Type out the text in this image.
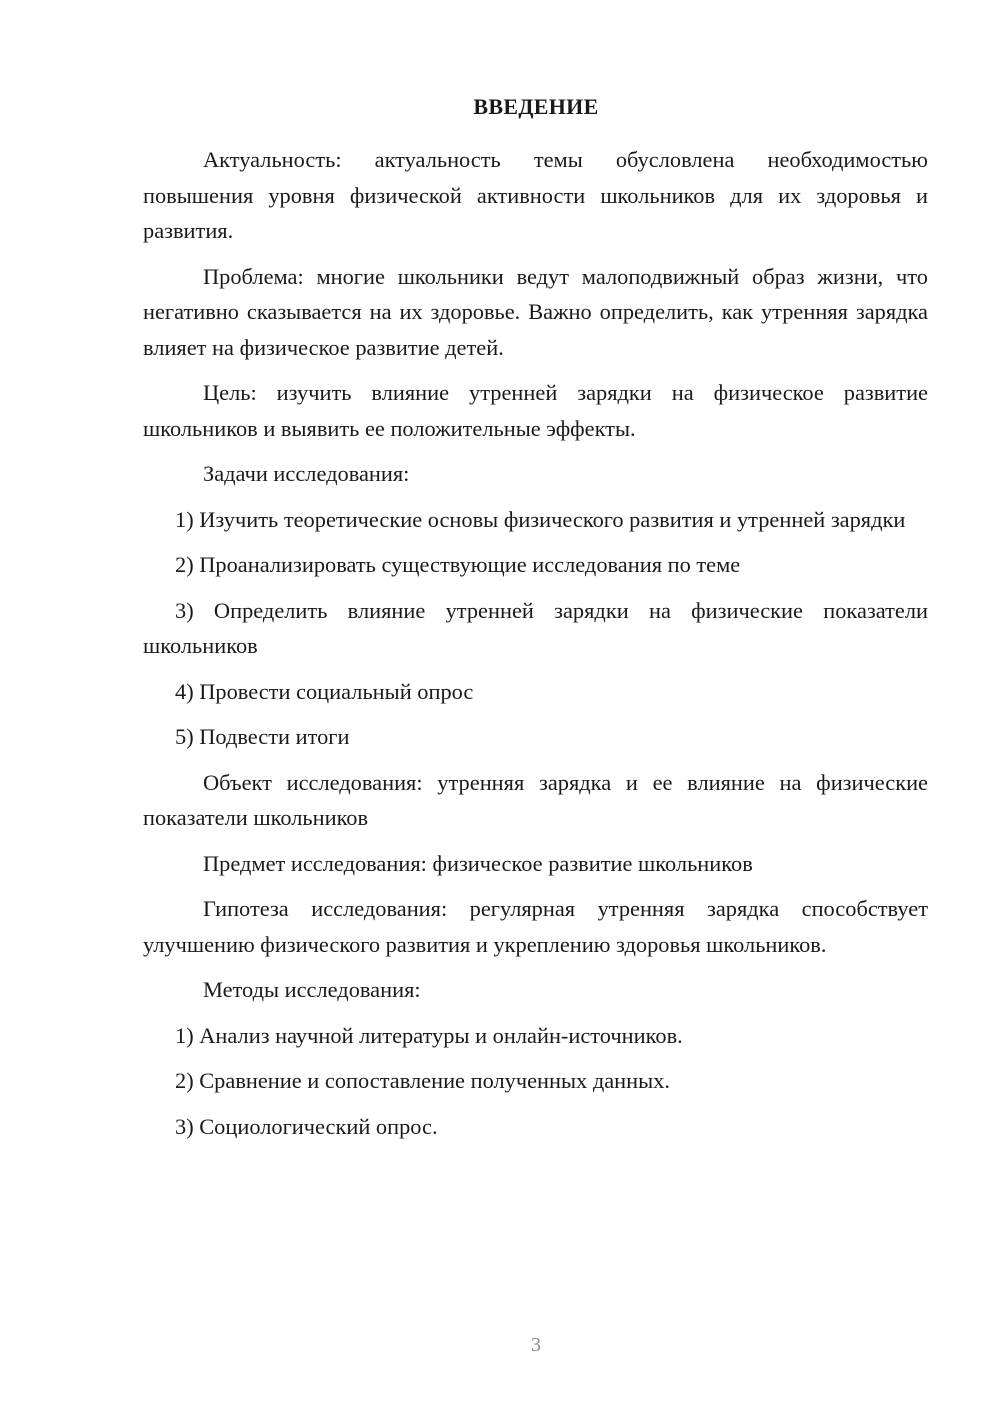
ВВЕДЕНИЕ

Актуальность: актуальность темы обусловлена необходимостью повышения уровня физической активности школьников для их здоровья и развития.

Проблема: многие школьники ведут малоподвижный образ жизни, что негативно сказывается на их здоровье. Важно определить, как утренняя зарядка влияет на физическое развитие детей.

Цель: изучить влияние утренней зарядки на физическое развитие школьников и выявить ее положительные эффекты.

Задачи исследования:

1) Изучить теоретические основы физического развития и утренней зарядки

2) Проанализировать существующие исследования по теме

3) Определить влияние утренней зарядки на физические показатели школьников

4) Провести социальный опрос

5) Подвести итоги

Объект исследования: утренняя зарядка и ее влияние на физические показатели школьников

Предмет исследования: физическое развитие школьников

Гипотеза исследования: регулярная утренняя зарядка способствует улучшению физического развития и укреплению здоровья школьников.

Методы исследования:

1) Анализ научной литературы и онлайн-источников.

2) Сравнение и сопоставление полученных данных.

3) Социологический опрос.

3
